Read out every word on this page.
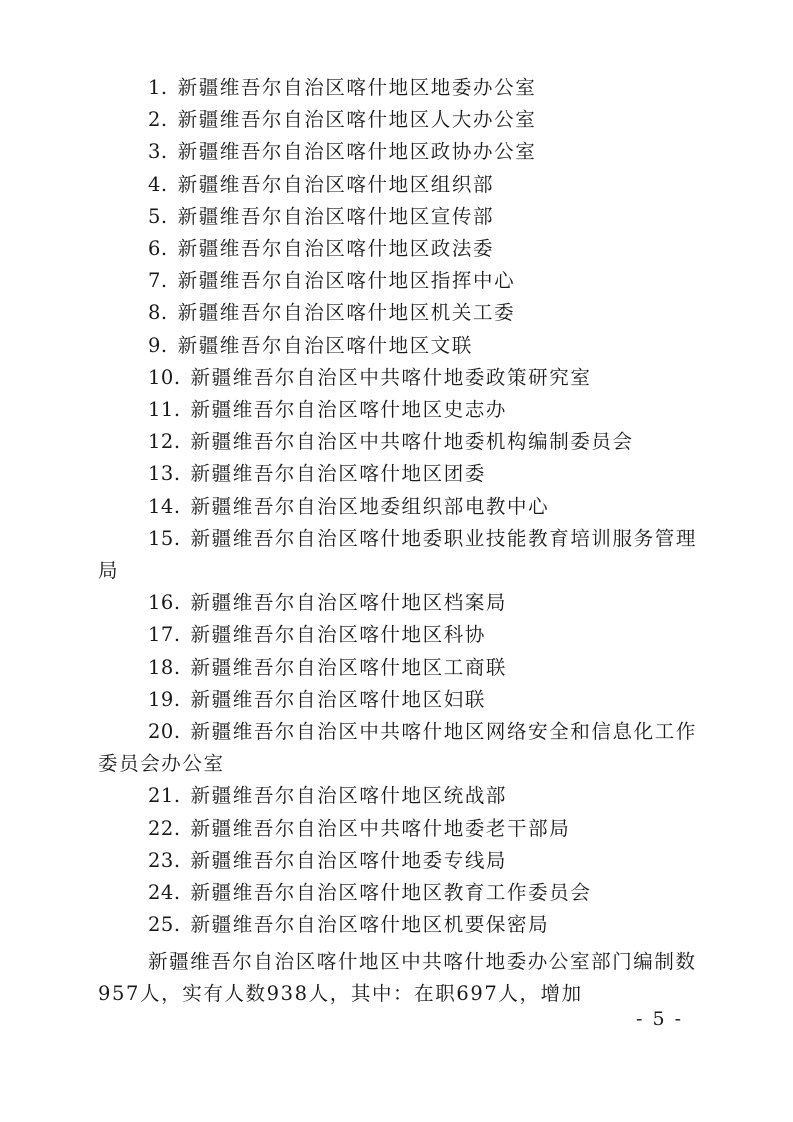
1. 新疆维吾尔自治区喀什地区地委办公室
2. 新疆维吾尔自治区喀什地区人大办公室
3. 新疆维吾尔自治区喀什地区政协办公室
4. 新疆维吾尔自治区喀什地区组织部
5. 新疆维吾尔自治区喀什地区宣传部
6. 新疆维吾尔自治区喀什地区政法委
7. 新疆维吾尔自治区喀什地区指挥中心
8. 新疆维吾尔自治区喀什地区机关工委
9. 新疆维吾尔自治区喀什地区文联
10. 新疆维吾尔自治区中共喀什地委政策研究室
11. 新疆维吾尔自治区喀什地区史志办
12. 新疆维吾尔自治区中共喀什地委机构编制委员会
13. 新疆维吾尔自治区喀什地区团委
14. 新疆维吾尔自治区地委组织部电教中心
15. 新疆维吾尔自治区喀什地委职业技能教育培训服务管理局
16. 新疆维吾尔自治区喀什地区档案局
17. 新疆维吾尔自治区喀什地区科协
18. 新疆维吾尔自治区喀什地区工商联
19. 新疆维吾尔自治区喀什地区妇联
20. 新疆维吾尔自治区中共喀什地区网络安全和信息化工作委员会办公室
21. 新疆维吾尔自治区喀什地区统战部
22. 新疆维吾尔自治区中共喀什地委老干部局
23. 新疆维吾尔自治区喀什地委专线局
24. 新疆维吾尔自治区喀什地区教育工作委员会
25. 新疆维吾尔自治区喀什地区机要保密局

新疆维吾尔自治区喀什地区中共喀什地委办公室部门编制数957人，实有人数938人，其中：在职697人，增加

- 5 -
